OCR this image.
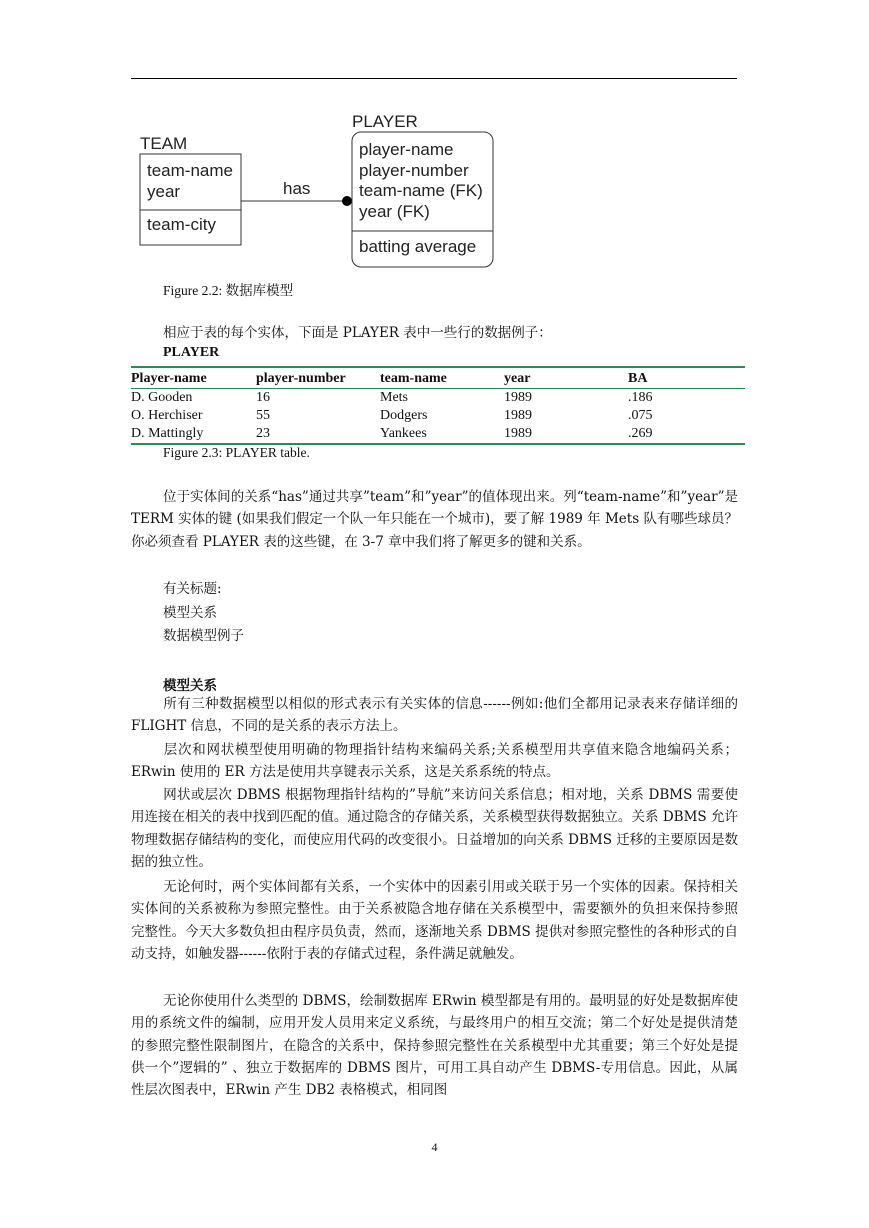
TEAM
team-name
year
team-city
has
PLAYER
player-name
player-number
team-name (FK)
year (FK)
batting average
Figure 2.2: 数据库模型
相应于表的每个实体，下面是 PLAYER 表中一些行的数据例子：
PLAYER
Player-name	player-number	team-name	year	BA
D. Gooden	16	Mets	1989	.186
O. Herchiser	55	Dodgers	1989	.075
D. Mattingly	23	Yankees	1989	.269
Figure 2.3: PLAYER table.
位于实体间的关系“has”通过共享”team”和”year”的值体现出来。列“team-name”和”year”是 TERM 实体的键 (如果我们假定一个队一年只能在一个城市)，要了解 1989 年 Mets 队有哪些球员？你必须查看 PLAYER 表的这些键，在 3-7 章中我们将了解更多的键和关系。
有关标题:
模型关系
数据模型例子
模型关系
所有三种数据模型以相似的形式表示有关实体的信息------例如:他们全都用记录表来存储详细的 FLIGHT 信息，不同的是关系的表示方法上。
层次和网状模型使用明确的物理指针结构来编码关系;关系模型用共享值来隐含地编码关系；ERwin 使用的 ER 方法是使用共享键表示关系，这是关系系统的特点。
网状或层次 DBMS 根据物理指针结构的”导航”来访问关系信息；相对地，关系 DBMS 需要使用连接在相关的表中找到匹配的值。通过隐含的存储关系，关系模型获得数据独立。关系 DBMS 允许物理数据存储结构的变化，而使应用代码的改变很小。日益增加的向关系 DBMS 迁移的主要原因是数据的独立性。
无论何时，两个实体间都有关系，一个实体中的因素引用或关联于另一个实体的因素。保持相关实体间的关系被称为参照完整性。由于关系被隐含地存储在关系模型中，需要额外的负担来保持参照完整性。今天大多数负担由程序员负责，然而，逐渐地关系 DBMS 提供对参照完整性的各种形式的自动支持，如触发器------依附于表的存储式过程，条件满足就触发。
无论你使用什么类型的 DBMS，绘制数据库 ERwin 模型都是有用的。最明显的好处是数据库使用的系统文件的编制，应用开发人员用来定义系统，与最终用户的相互交流；第二个好处是提供清楚的参照完整性限制图片，在隐含的关系中，保持参照完整性在关系模型中尤其重要；第三个好处是提供一个”逻辑的” 、独立于数据库的 DBMS 图片，可用工具自动产生 DBMS-专用信息。因此，从属性层次图表中，ERwin 产生 DB2 表格模式，相同图
4
